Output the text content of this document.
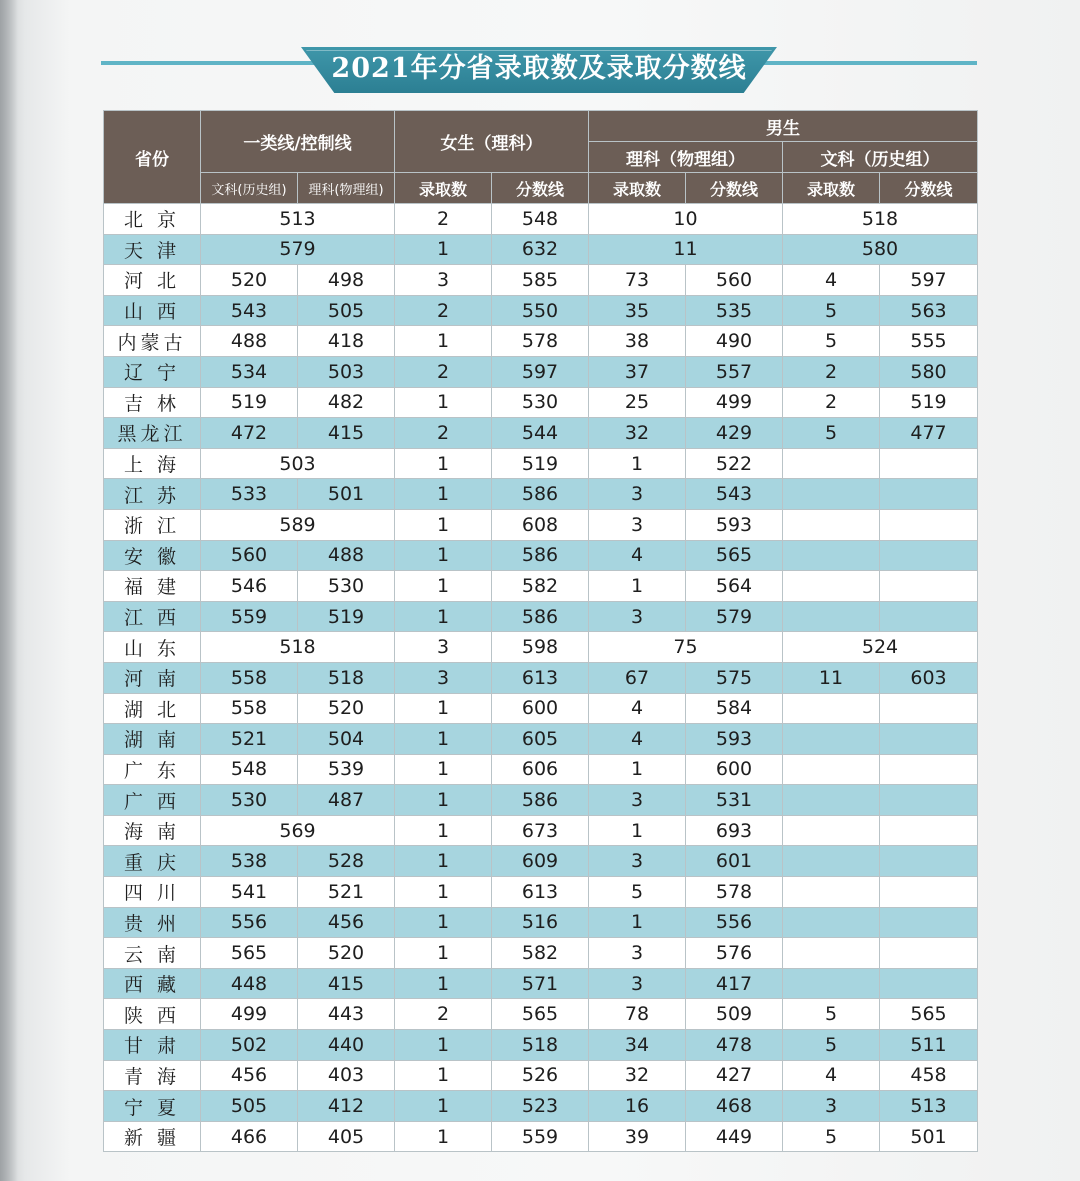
2021年分省录取数及录取分数线
省份	一类线/控制线		女生（理科）		男生			
					理科（物理组）		文科（历史组）	
	文科(历史组)	理科(物理组)	录取数	分数线	录取数	分数线	录取数	分数线
北 京	513		2	548	10		518	
天 津	579		1	632	11		580	
河 北	520	498	3	585	73	560	4	597
山 西	543	505	2	550	35	535	5	563
内蒙古	488	418	1	578	38	490	5	555
辽 宁	534	503	2	597	37	557	2	580
吉 林	519	482	1	530	25	499	2	519
黑龙江	472	415	2	544	32	429	5	477
上 海	503		1	519	1	522		
江 苏	533	501	1	586	3	543		
浙 江	589		1	608	3	593		
安 徽	560	488	1	586	4	565		
福 建	546	530	1	582	1	564		
江 西	559	519	1	586	3	579		
山 东	518		3	598	75		524	
河 南	558	518	3	613	67	575	11	603
湖 北	558	520	1	600	4	584		
湖 南	521	504	1	605	4	593		
广 东	548	539	1	606	1	600		
广 西	530	487	1	586	3	531		
海 南	569		1	673	1	693		
重 庆	538	528	1	609	3	601		
四 川	541	521	1	613	5	578		
贵 州	556	456	1	516	1	556		
云 南	565	520	1	582	3	576		
西 藏	448	415	1	571	3	417		
陕 西	499	443	2	565	78	509	5	565
甘 肃	502	440	1	518	34	478	5	511
青 海	456	403	1	526	32	427	4	458
宁 夏	505	412	1	523	16	468	3	513
新 疆	466	405	1	559	39	449	5	501
